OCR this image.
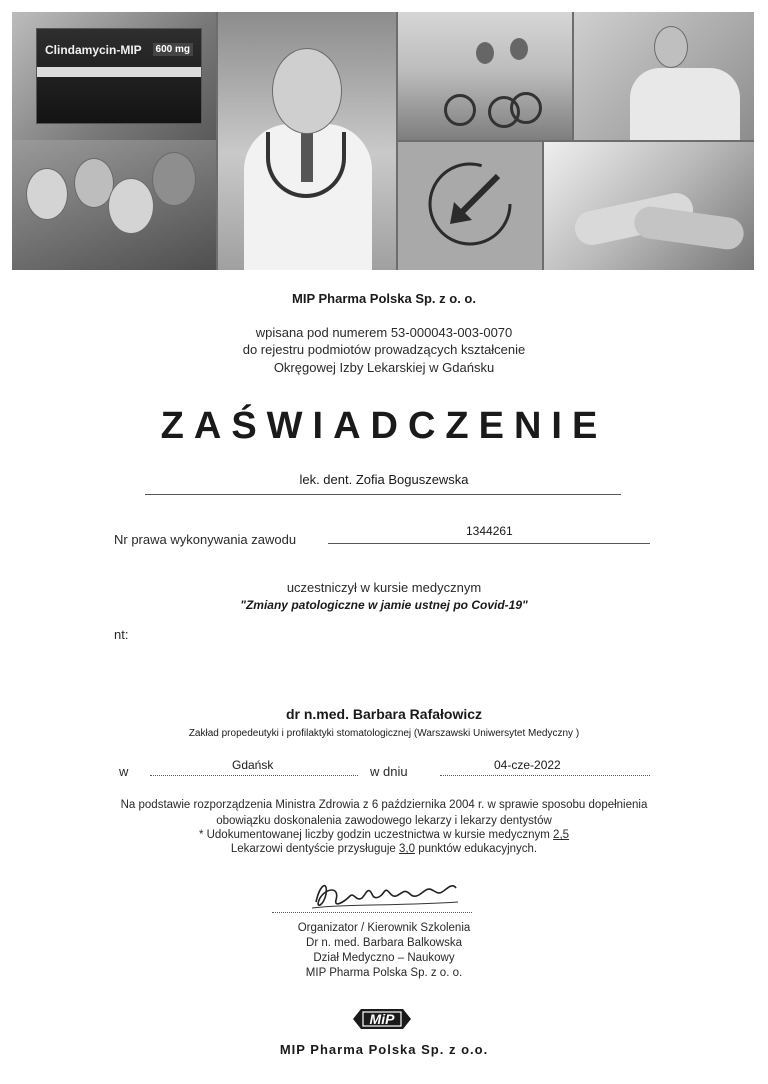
Clindamycin-MIP	600 mg
MIP Pharma Polska Sp. z o. o.
wpisana pod numerem 53-000043-003-0070
do rejestru podmiotów prowadzących kształcenie
Okręgowej Izby Lekarskiej w Gdańsku
ZAŚWIADCZENIE
lek. dent. Zofia Boguszewska
Nr prawa wykonywania zawodu
1344261
uczestniczył w kursie medycznym
"Zmiany patologiczne w jamie ustnej po Covid-19"
nt:
dr n.med. Barbara Rafałowicz
Zakład propedeutyki i profilaktyki stomatologicznej (Warszawski Uniwersytet Medyczny )
w	Gdańsk	w dniu	04-cze-2022
Na podstawie rozporządzenia Ministra Zdrowia z 6 października 2004 r. w sprawie sposobu dopełnienia
obowiązku doskonalenia zawodowego lekarzy i lekarzy dentystów
* Udokumentowanej liczby godzin uczestnictwa w kursie medycznym 2,5
Lekarzowi dentyście przysługuje 3,0 punktów edukacyjnych.
Organizator / Kierownik Szkolenia
Dr n. med. Barbara Balkowska
Dział Medyczno – Naukowy
MIP Pharma Polska Sp. z o. o.
MiP
MIP Pharma Polska Sp. z o.o.
